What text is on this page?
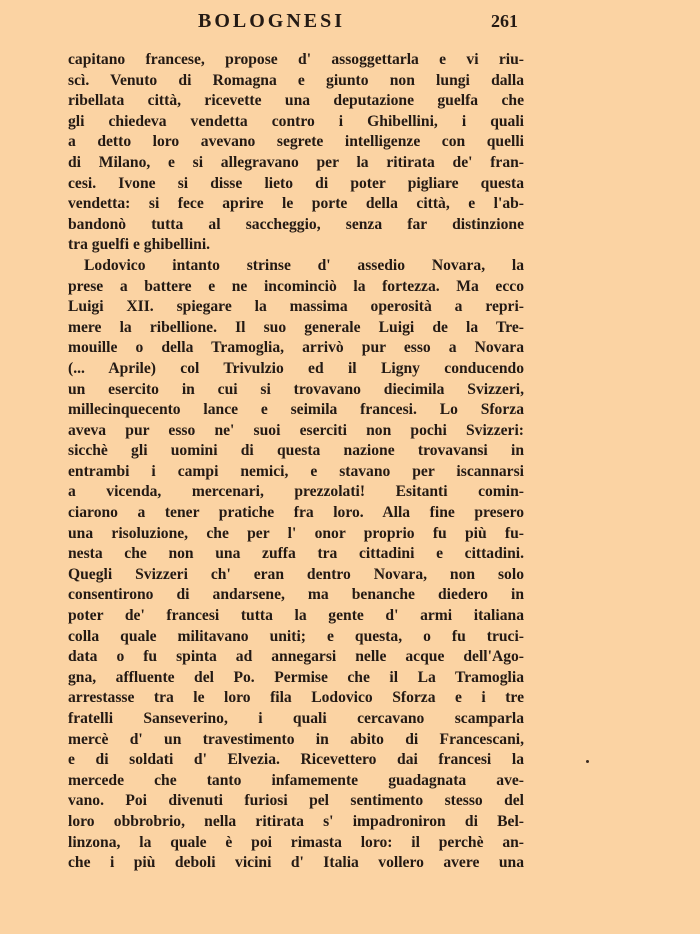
BOLOGNESI	261
capitano francese, propose d' assoggettarla e vi riu-
scì. Venuto di Romagna e giunto non lungi dalla
ribellata città, ricevette una deputazione guelfa che
gli chiedeva vendetta contro i Ghibellini, i quali
a detto loro avevano segrete intelligenze con quelli
di Milano, e si allegravano per la ritirata de' fran-
cesi. Ivone si disse lieto di poter pigliare questa
vendetta: si fece aprire le porte della città, e l'ab-
bandonò tutta al saccheggio, senza far distinzione
tra guelfi e ghibellini.
Lodovico intanto strinse d' assedio Novara, la
prese a battere e ne incominciò la fortezza. Ma ecco
Luigi XII. spiegare la massima operosità a repri-
mere la ribellione. Il suo generale Luigi de la Tre-
mouille o della Tramoglia, arrivò pur esso a Novara
(... Aprile) col Trivulzio ed il Ligny conducendo
un esercito in cui si trovavano diecimila Svizzeri,
millecinquecento lance e seimila francesi. Lo Sforza
aveva pur esso ne' suoi eserciti non pochi Svizzeri:
sicchè gli uomini di questa nazione trovavansi in
entrambi i campi nemici, e stavano per iscannarsi
a vicenda, mercenari, prezzolati! Esitanti comin-
ciarono a tener pratiche fra loro. Alla fine presero
una risoluzione, che per l' onor proprio fu più fu-
nesta che non una zuffa tra cittadini e cittadini.
Quegli Svizzeri ch' eran dentro Novara, non solo
consentirono di andarsene, ma benanche diedero in
poter de' francesi tutta la gente d' armi italiana
colla quale militavano uniti; e questa, o fu truci-
data o fu spinta ad annegarsi nelle acque dell'Ago-
gna, affluente del Po. Permise che il La Tramoglia
arrestasse tra le loro fila Lodovico Sforza e i tre
fratelli Sanseverino, i quali cercavano scamparla
mercè d' un travestimento in abito di Francescani,
e di soldati d' Elvezia. Ricevettero dai francesi la
mercede che tanto infamemente guadagnata ave-
vano. Poi divenuti furiosi pel sentimento stesso del
loro obbrobrio, nella ritirata s' impadroniron di Bel-
linzona, la quale è poi rimasta loro: il perchè an-
che i più deboli vicini d' Italia vollero avere una
